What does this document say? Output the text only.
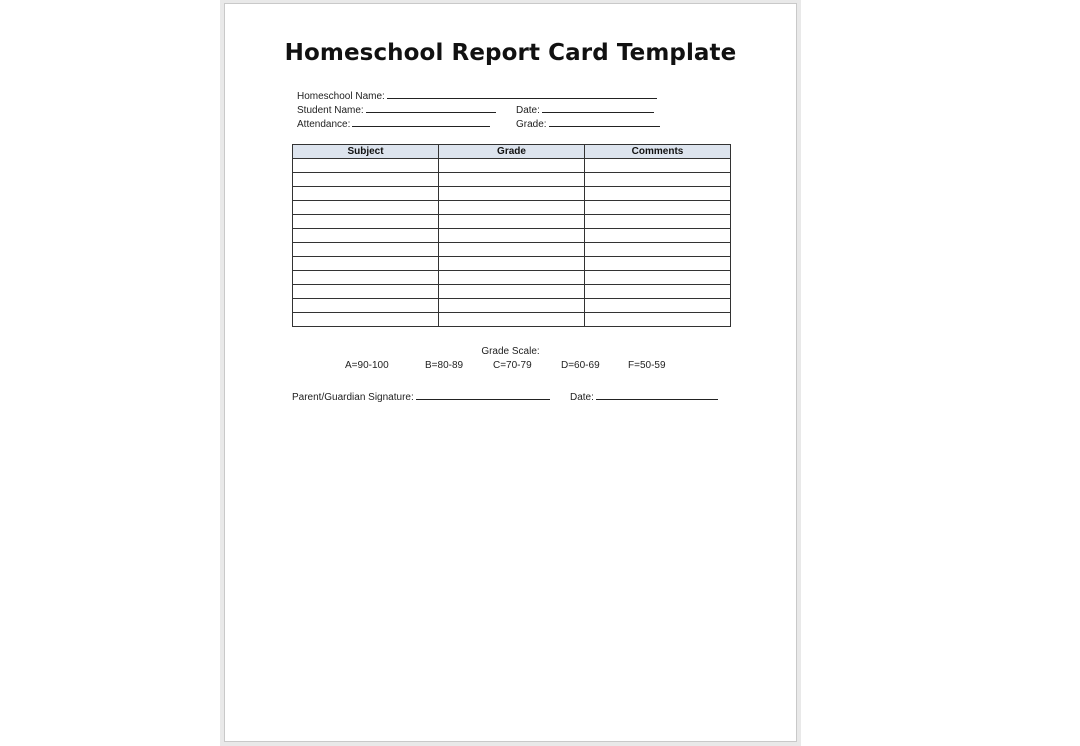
Homeschool Report Card Template
Homeschool Name:
Student Name:	Date:
Attendance:	Grade:
Subject	Grade	Comments

Grade Scale:
A=90-100	B=80-89	C=70-79	D=60-69	F=50-59
Parent/Guardian Signature:	Date:
